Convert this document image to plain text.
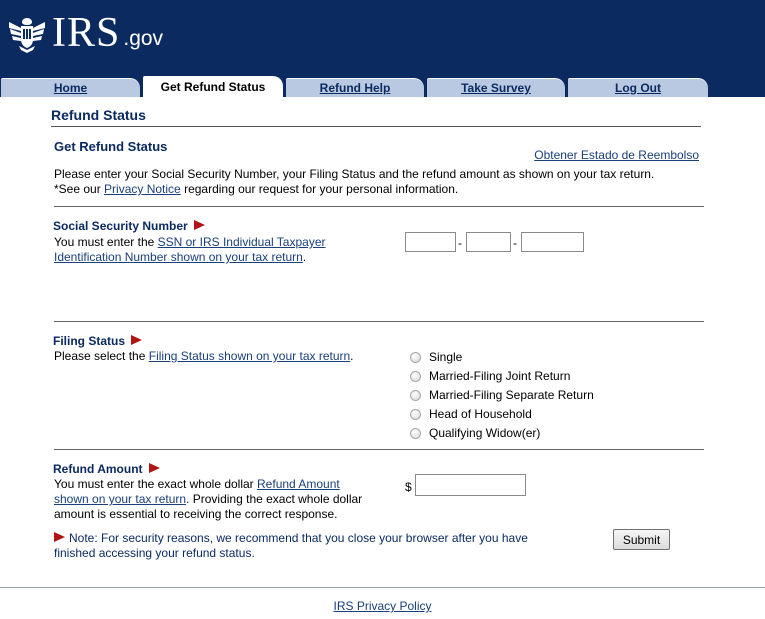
IRS .gov
Home	Get Refund Status	Refund Help	Take Survey	Log Out
Refund Status
Get Refund Status
Obtener Estado de Reembolso
Please enter your Social Security Number, your Filing Status and the refund amount as shown on your tax return.
*See our Privacy Notice regarding our request for your personal information.
Social Security Number
You must enter the SSN or IRS Individual Taxpayer Identification Number shown on your tax return.
-	-
Filing Status
Please select the Filing Status shown on your tax return.	Single
Married-Filing Joint Return
Married-Filing Separate Return
Head of Household
Qualifying Widow(er)
Refund Amount
You must enter the exact whole dollar Refund Amount shown on your tax return. Providing the exact whole dollar amount is essential to receiving the correct response.
$
Note: For security reasons, we recommend that you close your browser after you have finished accessing your refund status.
Submit
IRS Privacy Policy
